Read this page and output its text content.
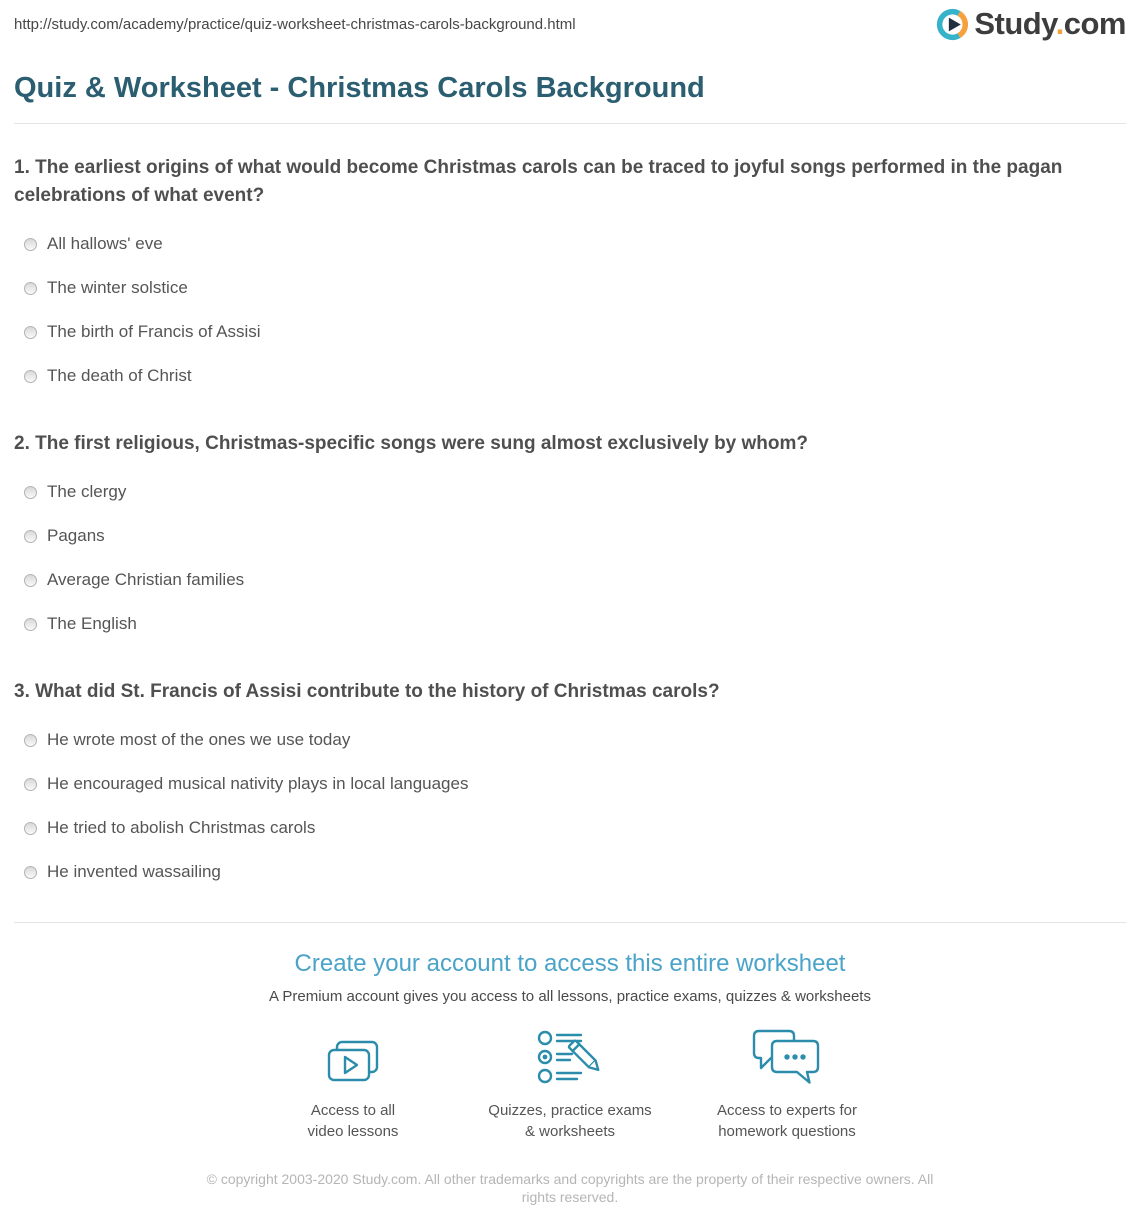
http://study.com/academy/practice/quiz-worksheet-christmas-carols-background.html	Study.com
Quiz & Worksheet - Christmas Carols Background

1. The earliest origins of what would become Christmas carols can be traced to joyful songs performed in the pagan celebrations of what event?

All hallows' eve
The winter solstice
The birth of Francis of Assisi
The death of Christ

2. The first religious, Christmas-specific songs were sung almost exclusively by whom?

The clergy
Pagans
Average Christian families
The English

3. What did St. Francis of Assisi contribute to the history of Christmas carols?

He wrote most of the ones we use today
He encouraged musical nativity plays in local languages
He tried to abolish Christmas carols
He invented wassailing
Create your account to access this entire worksheet

A Premium account gives you access to all lessons, practice exams, quizzes & worksheets

Access to all
video lessons
Quizzes, practice exams
& worksheets
Access to experts for
homework questions

© copyright 2003-2020 Study.com. All other trademarks and copyrights are the property of their respective owners. All rights reserved.
